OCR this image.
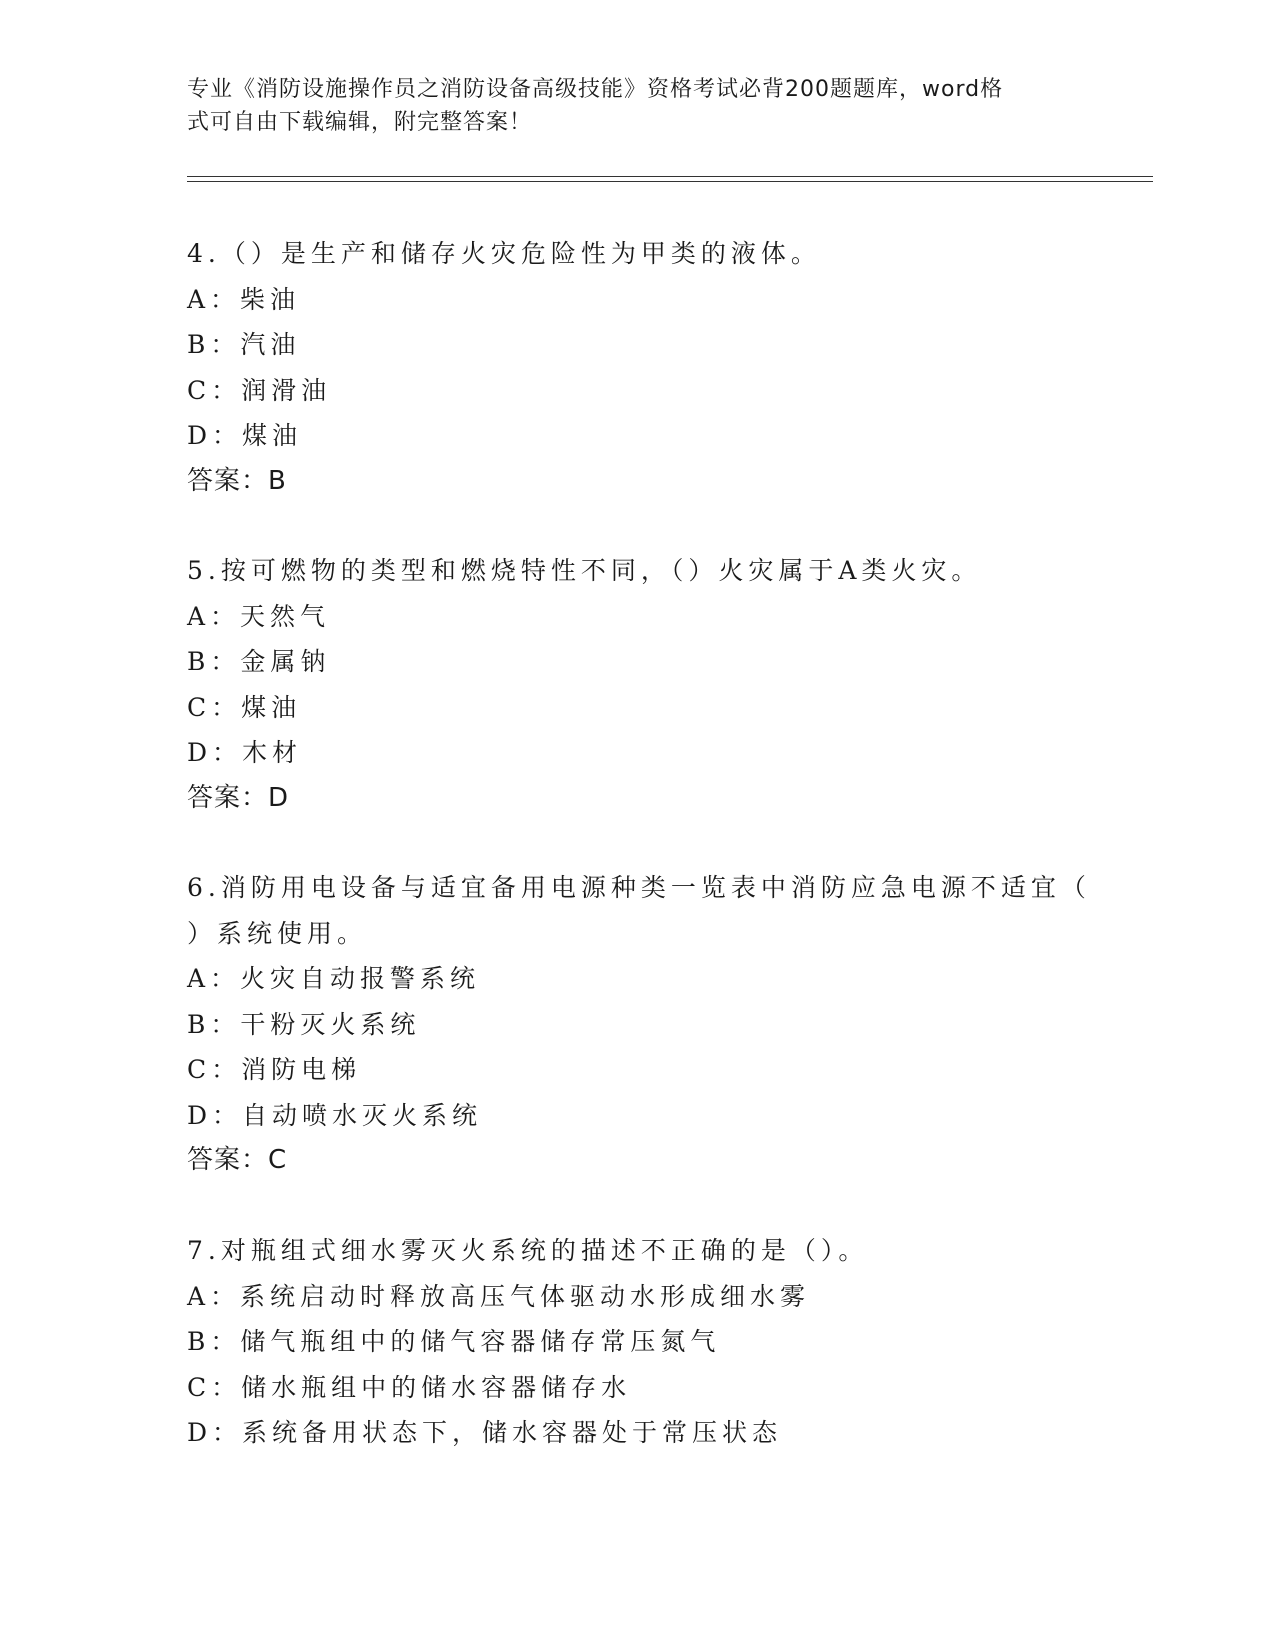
专业《消防设施操作员之消防设备高级技能》资格考试必背200题题库，word格
式可自由下载编辑，附完整答案！
4.（）是生产和储存火灾危险性为甲类的液体。
A：柴油
B：汽油
C：润滑油
D：煤油
答案：B
5.按可燃物的类型和燃烧特性不同，（）火灾属于A类火灾。
A：天然气
B：金属钠
C：煤油
D：木材
答案：D
6.消防用电设备与适宜备用电源种类一览表中消防应急电源不适宜（
）系统使用。
A：火灾自动报警系统
B：干粉灭火系统
C：消防电梯
D：自动喷水灭火系统
答案：C
7.对瓶组式细水雾灭火系统的描述不正确的是（）。
A：系统启动时释放高压气体驱动水形成细水雾
B：储气瓶组中的储气容器储存常压氮气
C：储水瓶组中的储水容器储存水
D：系统备用状态下，储水容器处于常压状态
